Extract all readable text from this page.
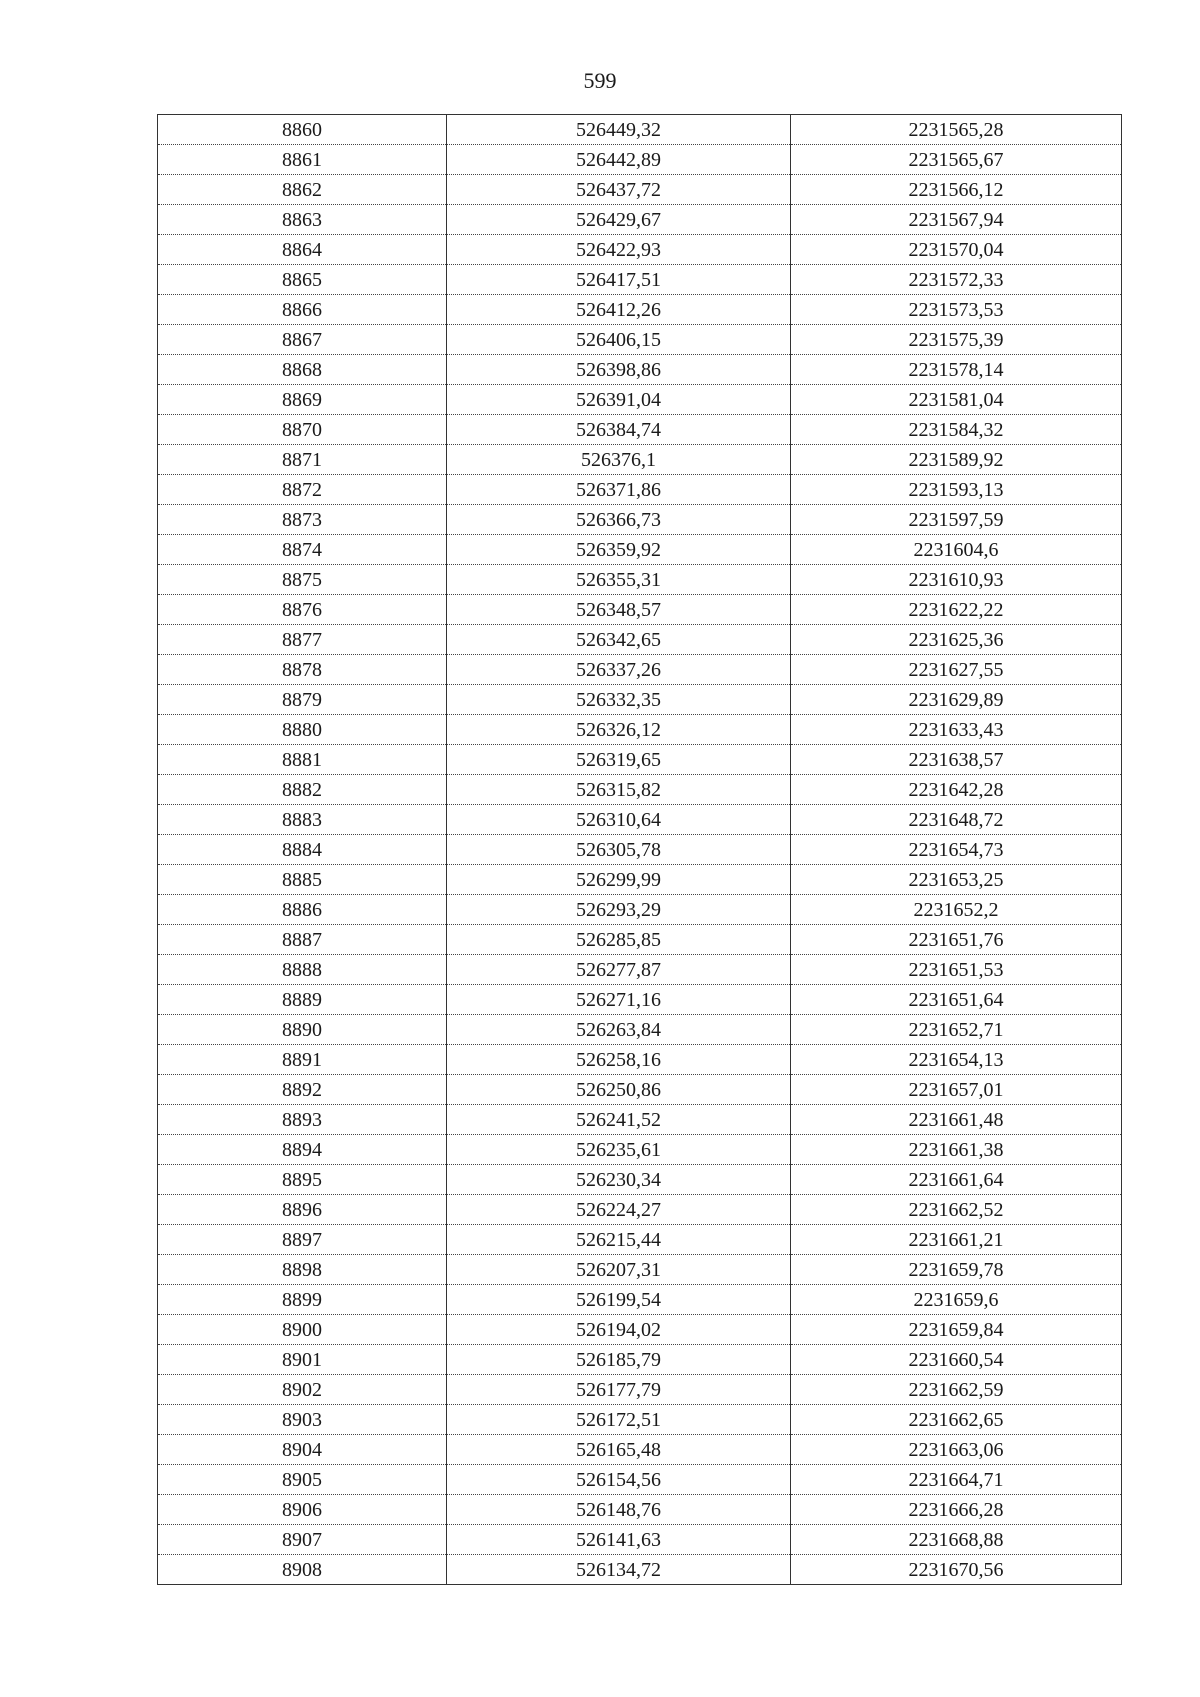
599
8860	526449,32	2231565,28
8861	526442,89	2231565,67
8862	526437,72	2231566,12
8863	526429,67	2231567,94
8864	526422,93	2231570,04
8865	526417,51	2231572,33
8866	526412,26	2231573,53
8867	526406,15	2231575,39
8868	526398,86	2231578,14
8869	526391,04	2231581,04
8870	526384,74	2231584,32
8871	526376,1	2231589,92
8872	526371,86	2231593,13
8873	526366,73	2231597,59
8874	526359,92	2231604,6
8875	526355,31	2231610,93
8876	526348,57	2231622,22
8877	526342,65	2231625,36
8878	526337,26	2231627,55
8879	526332,35	2231629,89
8880	526326,12	2231633,43
8881	526319,65	2231638,57
8882	526315,82	2231642,28
8883	526310,64	2231648,72
8884	526305,78	2231654,73
8885	526299,99	2231653,25
8886	526293,29	2231652,2
8887	526285,85	2231651,76
8888	526277,87	2231651,53
8889	526271,16	2231651,64
8890	526263,84	2231652,71
8891	526258,16	2231654,13
8892	526250,86	2231657,01
8893	526241,52	2231661,48
8894	526235,61	2231661,38
8895	526230,34	2231661,64
8896	526224,27	2231662,52
8897	526215,44	2231661,21
8898	526207,31	2231659,78
8899	526199,54	2231659,6
8900	526194,02	2231659,84
8901	526185,79	2231660,54
8902	526177,79	2231662,59
8903	526172,51	2231662,65
8904	526165,48	2231663,06
8905	526154,56	2231664,71
8906	526148,76	2231666,28
8907	526141,63	2231668,88
8908	526134,72	2231670,56
